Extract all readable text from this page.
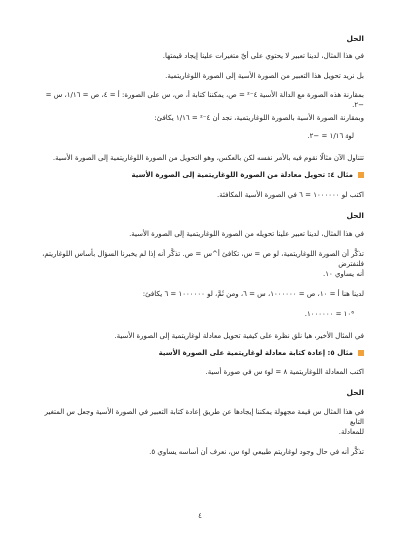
الحل

في هذا المثال، لدينا تعبير لا يحتوي على أيّ متغيرات علينا إيجاد قيمتها.

بل نريد تحويل هذا التعبير من الصورة الأسية إلى الصورة اللوغاريتمية.

بمقارنة هذه الصورة مع الدالة الأسية ٤⁻² = ص، يمكننا كتابة أ، ص، س على الصورة: أ = ٤، ص = ١/١٦، س = −٢.

وبمقارنة الصورة الأسية بالصورة اللوغاريتمية، نجد أن ٤⁻² = ١/١٦ يكافئ:

لو₄ ١/١٦ = −٢.

تتناول الآن مثالًا نقوم فيه بالأمر نفسه لكن بالعكس، وهو التحويل من الصورة اللوغاريتمية إلى الصورة الأسية.

مثال ٤: تحويل معادلة من الصورة اللوغاريتمية إلى الصورة الأسية

اكتب لو ١٠٠٠٠٠٠ = ٦ في الصورة الأسية المكافئة.

الحل

في هذا المثال، لدينا تعبير علينا تحويله من الصورة اللوغاريتمية إلى الصورة الأسية.

تذكَّر أن الصورة اللوغاريتمية، لو ص = س، تكافئ أ^س = ص. تذكَّر أنه إذا لم يخبرنا السؤال بأساس اللوغاريتم، فلنفترض

أنه يساوي ١٠.

لدينا هنا أ = ١٠، ص = ١٠٠٠٠٠٠، س = ٦، ومن ثَمَّ، لو ١٠٠٠٠٠٠ = ٦ يكافئ:

١٠⁶ = ١٠٠٠٠٠٠.

في المثال الأخير، هيا نلق نظرة على كيفية تحويل معادلة لوغاريتمية إلى الصورة الأسية.

مثال ٥: إعادة كتابة معادلة لوغاريتمية على الصورة الأسية

اكتب المعادلة اللوغاريتمية ٨ = لو₆ س في صورة أسية.

الحل

في هذا المثال س قيمة مجهولة يمكننا إيجادها عن طريق إعادة كتابة التعبير في الصورة الأسية وجعل س المتغير التابع

للمعادلة.

تذكَّر أنه في حال وجود لوغاريتم طبيعي لو₆ س، نعرف أن أساسه يساوي ٥.

٤
